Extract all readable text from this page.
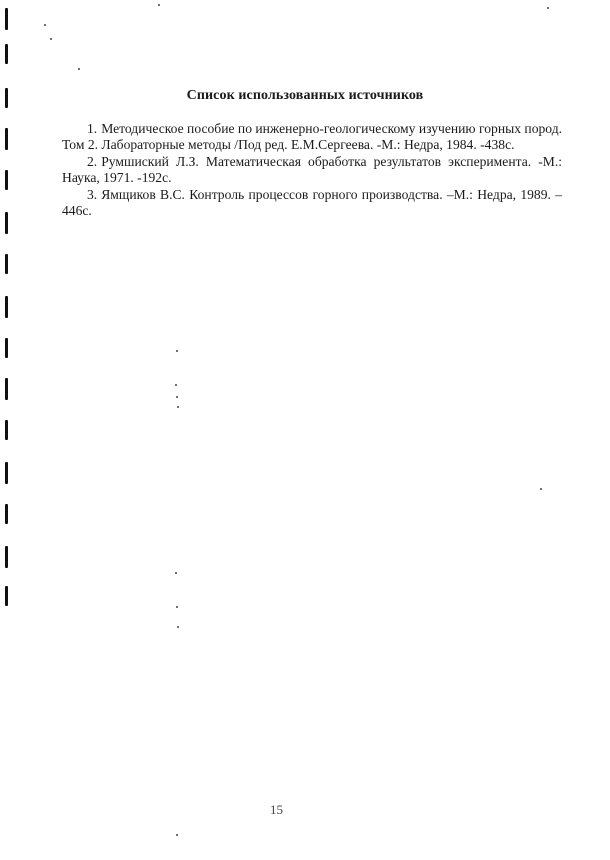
Список использованных источников
1. Методическое пособие по инженерно-геологическому изучению горных пород. Том 2. Лабораторные методы /Под ред. Е.М.Сергеева. -М.: Недра, 1984. -438с.
2. Румшиский Л.З. Математическая обработка результатов эксперимента. -М.: Наука, 1971. -192с.
3. Ямщиков В.С. Контроль процессов горного производства. –М.: Недра, 1989. –446с.
15
